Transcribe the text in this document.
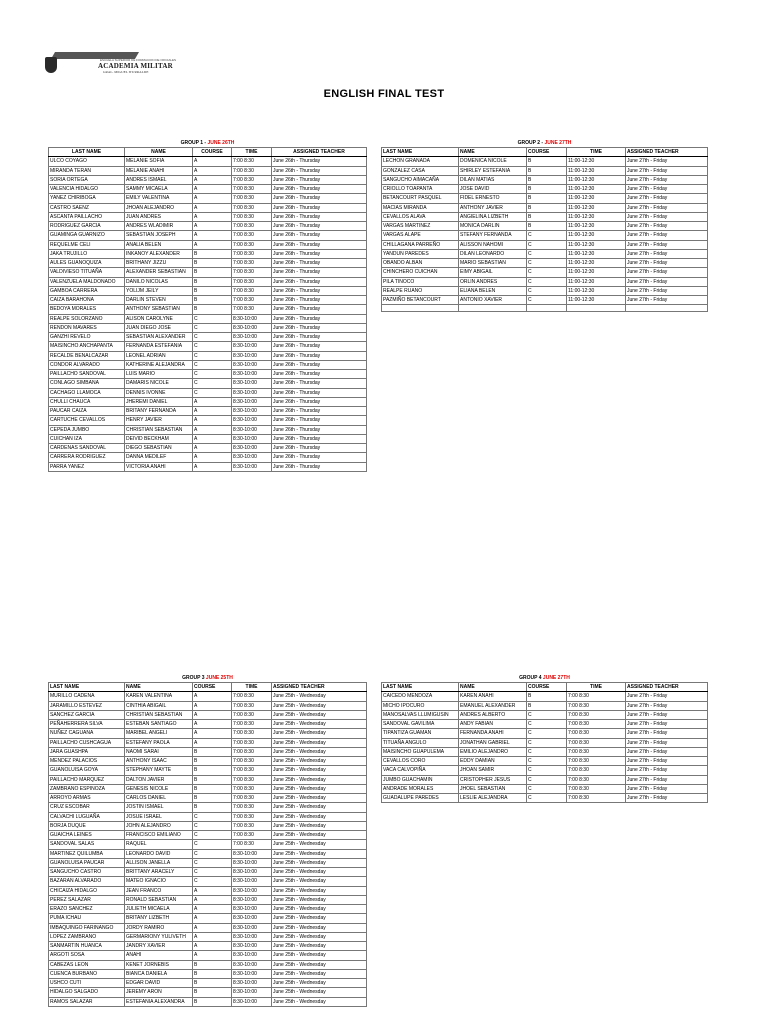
ESCUELA SUPERIOR DE FORMACION DE OFICIALES
ACADEMIA MILITAR
GRAL. MIGUEL ITURRALDE
ENGLISH FINAL TEST
GROUP 1 - JUNE 26TH
LAST NAME	NAME	COURSE	TIME	ASSIGNED TEACHER
ULCO COYAGO	MELANIE SOFIA	A	7:00 8:30	June 26th - Thursday
MIRANDA TERAN	MELANIE ANAHI	A	7:00 8:30	June 26th - Thursday
SORIA ORTEGA	ANDRES ISMAEL	A	7:00 8:30	June 26th - Thursday
VALENCIA HIDALGO	SAMMY MICAELA	A	7:00 8:30	June 26th - Thursday
YANEZ CHIRIBOGA	EMILY VALENTINA	A	7:00 8:30	June 26th - Thursday
CASTRO SAENZ	JHOAN ALEJANDRO	A	7:00 8:30	June 26th - Thursday
ASCANTA PAILLACHO	JUAN ANDRES	A	7:00 8:30	June 26th - Thursday
RODRIGUEZ GARCIA	ANDRES WLADIMIR	A	7:00 8:30	June 26th - Thursday
GUAMINGA GUARNIZO	SEBASTIAN JOSEPH	A	7:00 8:30	June 26th - Thursday
REQUELME CELI	ANALIA BELEN	A	7:00 8:30	June 26th - Thursday
JAKA TRUJILLO	INKANOY ALEXANDER	B	7:00 8:30	June 26th - Thursday
AULES GUANOQUIZA	BRITHANY JIZZU	B	7:00 8:30	June 26th - Thursday
VALDIVIESO TITUAÑA	ALEXANDER SEBASTIAN	B	7:00 8:30	June 26th - Thursday
VALENZUELA MALDONADO	DANILO NICOLAS	B	7:00 8:30	June 26th - Thursday
GAMBOA CARRERA	YOLIJM JEILY	B	7:00 8:30	June 26th - Thursday
CAIZA BARAHONA	DARLIN STEVEN	B	7:00 8:30	June 26th - Thursday
BEDOYA MORALES	ANTHONY SEBASTIAN	B	7:00 8:30	June 26th - Thursday
REALPE SOLORZANO	ALISON CAROLYNE	C	8:30-10:00	June 26th - Thursday
RENDON MAVARES	JUAN DIEGO JOSE	C	8:30-10:00	June 26th - Thursday
GANZHI REVELO	SEBASTIAN ALEXANDER	C	8:30-10:00	June 26th - Thursday
MAISINCHO ANCHAPANTA	FERNANDA ESTEFANIA	C	8:30-10:00	June 26th - Thursday
RECALDE BENALCAZAR	LEONEL ADRIAN	C	8:30-10:00	June 26th - Thursday
CONDOR ALVARADO	KATHERINE ALEJANDRA	C	8:30-10:00	June 26th - Thursday
PAILLACHO SANDOVAL	LUIS MARIO	C	8:30-10:00	June 26th - Thursday
CONLAGO SIMBANA	DAMARIS NICOLE	C	8:30-10:00	June 26th - Thursday
CACHAGO LLAMOCA	DENNIS IVONNE	C	8:30-10:00	June 26th - Thursday
CHULLI CHAUCA	JHEREMI DANIEL	A	8:30-10:00	June 26th - Thursday
PAUCAR CAIZA	BRITANY FERNANDA	A	8:30-10:00	June 26th - Thursday
CARTUCHE CEVALLOS	HENRY JAVIER	A	8:30-10:00	June 26th - Thursday
CEPEDA JUMBO	CHRISTIAN SEBASTIAN	A	8:30-10:00	June 26th - Thursday
CUICHAN IZA	DEIVID BECKHAM	A	8:30-10:00	June 26th - Thursday
CARDENAS SANDOVAL	DIEGO SEBASTIAN	A	8:30-10:00	June 26th - Thursday
CARRERA RODRIGUEZ	DANNA MEDILEF	A	8:30-10:00	June 26th - Thursday
PARRA YANEZ	VICTORIA ANAHI	A	8:30-10:00	June 26th - Thursday
GROUP 2 - JUNE 27TH
LAST NAME	NAME	COURSE	TIME	ASSIGNED TEACHER
LECHON GRANADA	DOMENICA NICOLE	B	11:00-12:30	June 27th - Friday
GONZALEZ CASA	SHIRLEY ESTEFANIA	B	11:00-12:30	June 27th - Friday
SANGUCHO AIMACAÑA	DILAN MATIAS	B	11:00-12:30	June 27th - Friday
CRIOLLO TOAPANTA	JOSE DAVID	B	11:00-12:30	June 27th - Friday
BETANCOURT PASQUEL	FIDEL ERNESTO	B	11:00-12:30	June 27th - Friday
MACIAS MIRANDA	ANTHONY JAVIER	B	11:00-12:30	June 27th - Friday
CEVALLOS ALAVA	ANGIELINA LIZBETH	B	11:00-12:30	June 27th - Friday
VARGAS MARTINEZ	MONICA DARLIN	B	11:00-12:30	June 27th - Friday
VARGAS ALAPE	STEFANY FERNANDA	C	11:00-12:30	June 27th - Friday
CHILLAGANA PARREÑO	ALISSON NAHOMI	C	11:00-12:30	June 27th - Friday
YANDUN PAREDES	DILAN LEONARDO	C	11:00-12:30	June 27th - Friday
OBANDO ALBAN	MARIO SEBASTIAN	C	11:00-12:30	June 27th - Friday
CHINCHERO CUICHAN	EIMY ABIGAIL	C	11:00-12:30	June 27th - Friday
PILA TINOCO	ORLIN ANDRES	C	11:00-12:30	June 27th - Friday
REALPE RUANO	ELIANA BELEN	C	11:00-12:30	June 27th - Friday
PAZMIÑO BETANCOURT	ANTONIO XAVIER	C	11:00-12:30	June 27th - Friday

GROUP 3 JUNE 25TH
LAST NAME	NAME	COURSE	TIME	ASSIGNED TEACHER
MURILLO CADENA	KAREN VALENTINA	A	7:00 8:30	June 25th - Wednesday
JARAMILLO ESTEVEZ	CINTHIA ABIGAIL	A	7:00 8:30	June 25th - Wednesday
SANCHEZ GARCIA	CHRISTIAN SEBASTIAN	A	7:00 8:30	June 25th - Wednesday
PEÑAHERRERA SILVA	ESTEBAN SANTIAGO	A	7:00 8:30	June 25th - Wednesday
NUÑEZ CAGUANA	MARIBEL ANGELI	A	7:00 8:30	June 25th - Wednesday
PAILLACHO CUSHCAGUA	ESTEFANY PAOLA	A	7:00 8:30	June 25th - Wednesday
JARA GUASHPA	NAOMI SARAI	B	7:00 8:30	June 25th - Wednesday
MENDEZ PALACIOS	ANTHONY ISAAC	B	7:00 8:30	June 25th - Wednesday
GUANOLUISA GOYA	STEPHANY MAYTE	B	7:00 8:30	June 25th - Wednesday
PAILLACHO MARQUEZ	DALTON JAVIER	B	7:00 8:30	June 25th - Wednesday
ZAMBRANO ESPINOZA	GENESIS NICOLE	B	7:00 8:30	June 25th - Wednesday
ARROYO ARMAS	CARLOS DANIEL	B	7:00 8:30	June 25th - Wednesday
CRUZ ESCOBAR	JOSTIN ISMAEL	B	7:00 8:30	June 25th - Wednesday
CALVACHI LUGUAÑA	JOSUE ISRAEL	C	7:00 8:30	June 25th - Wednesday
BORJA DUQUE	JOHN ALEJANDRO	C	7:00 8:30	June 25th - Wednesday
GUAICHA LEINES	FRANCISCO EMILIANO	C	7:00 8:30	June 25th - Wednesday
SANDOVAL SALAS	RAQUEL	C	7:00 8:30	June 25th - Wednesday
MARTINEZ QUILUMBA	LEONARDO DAVID	C	8:30-10:00	June 25th - Wednesday
GUANOLUISA PAUCAR	ALLISON JANELLA	C	8:30-10:00	June 25th - Wednesday
SANGUCHO CASTRO	BRITTANY ARACELY	C	8:30-10:00	June 25th - Wednesday
BAZARAN ALVARADO	MATEO IGNACIO	C	8:30-10:00	June 25th - Wednesday
CHICAIZA HIDALGO	JEAN FRANCO	A	8:30-10:00	June 25th - Wednesday
PEREZ SALAZAR	RONALD SEBASTIAN	A	8:30-10:00	June 25th - Wednesday
ERAZO SANCHEZ	JULIETH MICAELA	A	8:30-10:00	June 25th - Wednesday
PUMA ICHAU	BRITANY LIZBETH	A	8:30-10:00	June 25th - Wednesday
IMBAQUINGO FARINANGO	JORDY RAMIRO	A	8:30-10:00	June 25th - Wednesday
LOPEZ ZAMBRANO	GERMARIONY YULIVETH	A	8:30-10:00	June 25th - Wednesday
SANMARTIN HUANCA	JANDRY XAVIER	A	8:30-10:00	June 25th - Wednesday
ARGOTI SOSA	ANAHI	A	8:30-10:00	June 25th - Wednesday
CABEZAS LEON	KENET JORNEBIS	B	8:30-10:00	June 25th - Wednesday
CUENCA BURBANO	BIANCA DANIELA	B	8:30-10:00	June 25th - Wednesday
USHCO CUTI	EDGAR DAVID	B	8:30-10:00	June 25th - Wednesday
HIDALGO SALGADO	JEREMY ARON	B	8:30-10:00	June 25th - Wednesday
RAMOS SALAZAR	ESTEFANIA ALEXANDRA	B	8:30-10:00	June 25th - Wednesday
GROUP 4 JUNE 27TH
LAST NAME	NAME	COURSE	TIME	ASSIGNED TEACHER
CAICEDO MENDOZA	KAREN ANAHI	B	7:00 8:30	June 27th - Friday
MICHO IPOCURO	EMANUEL ALEXANDER	B	7:00 8:30	June 27th - Friday
MANOSALVAS LLUMIGUSIN	ANDRES ALBERTO	C	7:00 8:30	June 27th - Friday
SANDOVAL GAVILIMA	ANDY FABIAN	C	7:00 8:30	June 27th - Friday
TIPANTIZA GUAMAN	FERNANDA ANAHI	C	7:00 8:30	June 27th - Friday
TITUAÑA ANGULO	JONATHAN GABRIEL	C	7:00 8:30	June 27th - Friday
MAISINCHO GUAPULEMA	EMILIO ALEJANDRO	C	7:00 8:30	June 27th - Friday
CEVALLOS CORO	EDDY DAMIAN	C	7:00 8:30	June 27th - Friday
VACA CALVOPIÑA	JHOAN SAMIR	C	7:00 8:30	June 27th - Friday
JUMBO GUACHAMIN	CRISTOPHER JESUS	C	7:00 8:30	June 27th - Friday
ANDRADE MORALES	JHOEL SEBASTIAN	C	7:00 8:30	June 27th - Friday
GUADALUPE PAREDES	LESLIE ALEJANDRA	C	7:00 8:30	June 27th - Friday
